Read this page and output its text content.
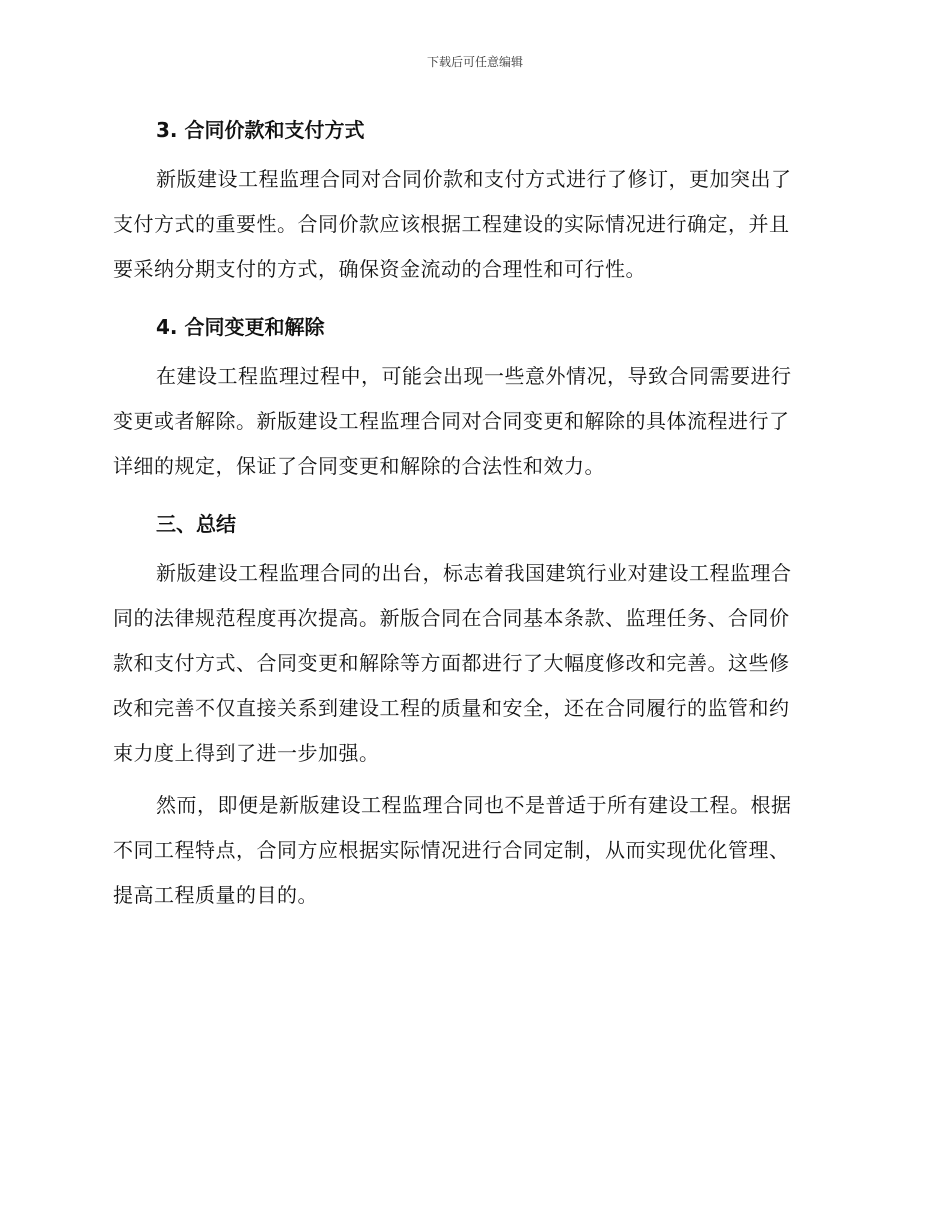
下载后可任意编辑
3. 合同价款和支付方式

新版建设工程监理合同对合同价款和支付方式进行了修订，更加突出了
支付方式的重要性。合同价款应该根据工程建设的实际情况进行确定，并且
要采纳分期支付的方式，确保资金流动的合理性和可行性。

4. 合同变更和解除

在建设工程监理过程中，可能会出现一些意外情况，导致合同需要进行
变更或者解除。新版建设工程监理合同对合同变更和解除的具体流程进行了
详细的规定，保证了合同变更和解除的合法性和效力。

三、总结

新版建设工程监理合同的出台，标志着我国建筑行业对建设工程监理合
同的法律规范程度再次提高。新版合同在合同基本条款、监理任务、合同价
款和支付方式、合同变更和解除等方面都进行了大幅度修改和完善。这些修
改和完善不仅直接关系到建设工程的质量和安全，还在合同履行的监管和约
束力度上得到了进一步加强。

然而，即便是新版建设工程监理合同也不是普适于所有建设工程。根据
不同工程特点，合同方应根据实际情况进行合同定制，从而实现优化管理、
提高工程质量的目的。
